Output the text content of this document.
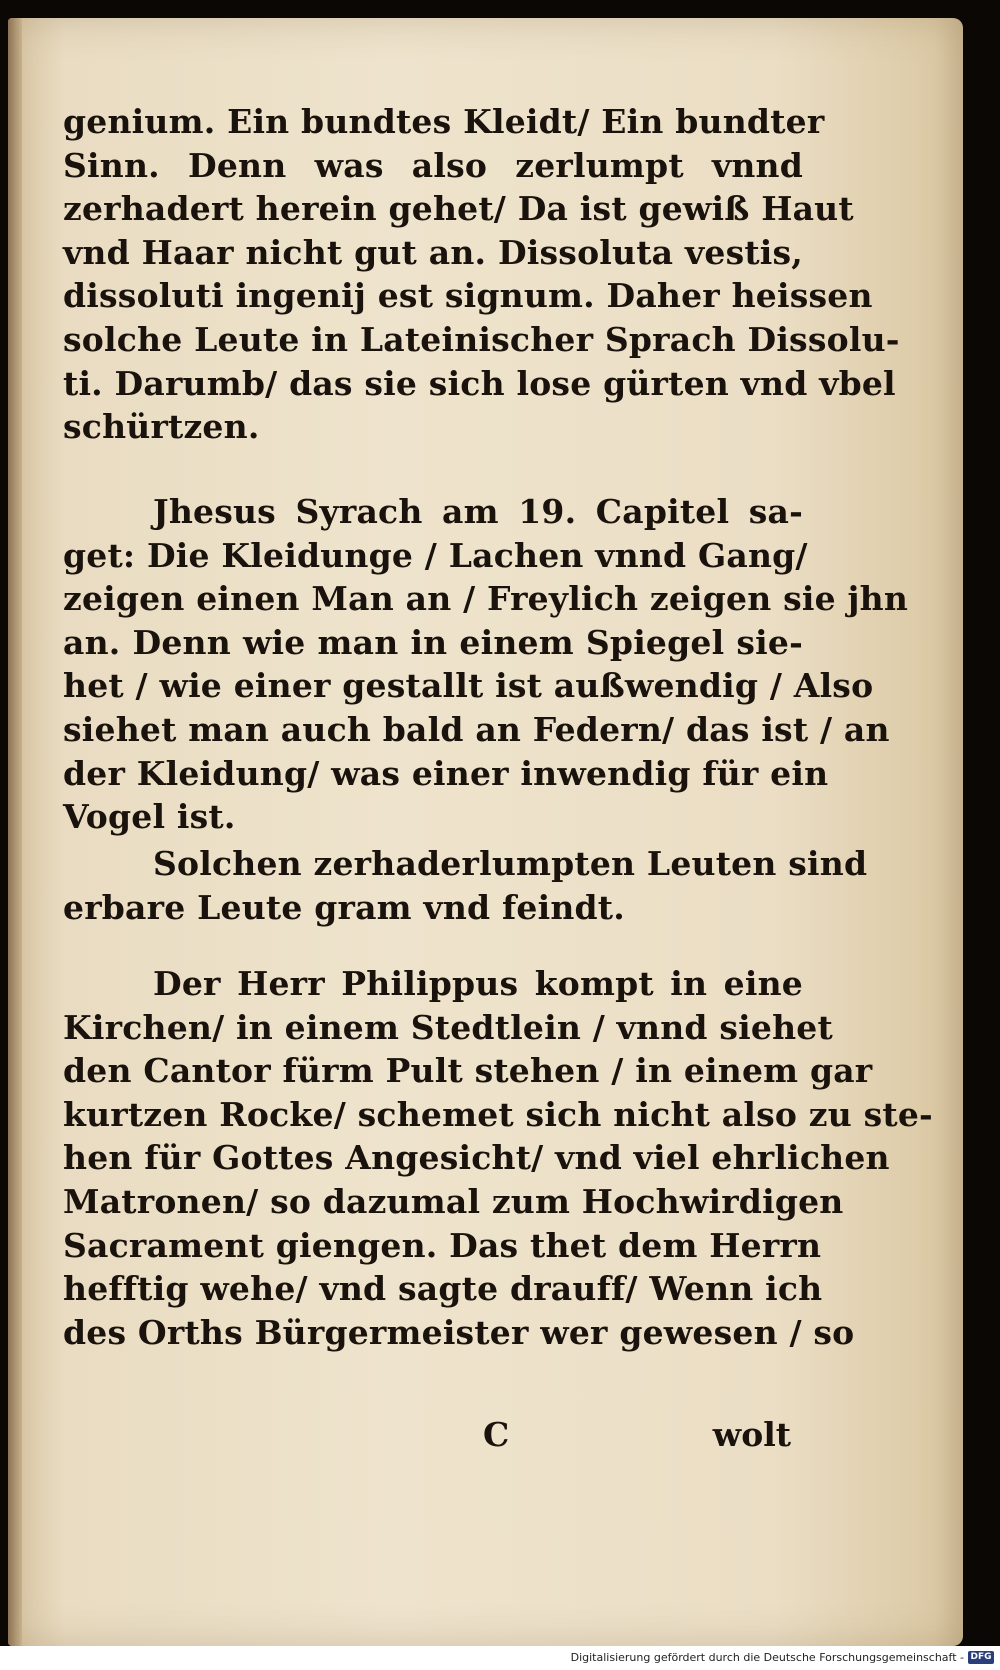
genium. Ein bundtes Kleidt/ Ein bundter
Sinn. Denn was also zerlumpt vnnd
zerhadert herein gehet/ Da ist gewiß Haut
vnd Haar nicht gut an. Dissoluta vestis,
dissoluti ingenij est signum. Daher heissen
solche Leute in Lateinischer Sprach Dissolu-
ti. Darumb/ das sie sich lose gürten vnd vbel
schürtzen.
Jhesus Syrach am 19. Capitel sa-
get: Die Kleidunge / Lachen vnnd Gang/
zeigen einen Man an / Freylich zeigen sie jhn
an. Denn wie man in einem Spiegel sie-
het / wie einer gestallt ist außwendig / Also
siehet man auch bald an Federn/ das ist / an
der Kleidung/ was einer inwendig für ein
Vogel ist.
Solchen zerhaderlumpten Leuten sind
erbare Leute gram vnd feindt.
Der Herr Philippus kompt in eine
Kirchen/ in einem Stedtlein / vnnd siehet
den Cantor fürm Pult stehen / in einem gar
kurtzen Rocke/ schemet sich nicht also zu ste-
hen für Gottes Angesicht/ vnd viel ehrlichen
Matronen/ so dazumal zum Hochwirdigen
Sacrament giengen. Das thet dem Herrn
hefftig wehe/ vnd sagte drauff/ Wenn ich
des Orths Bürgermeister wer gewesen / so
C	wolt
Digitalisierung gefördert durch die Deutsche Forschungsgemeinschaft - DFG
